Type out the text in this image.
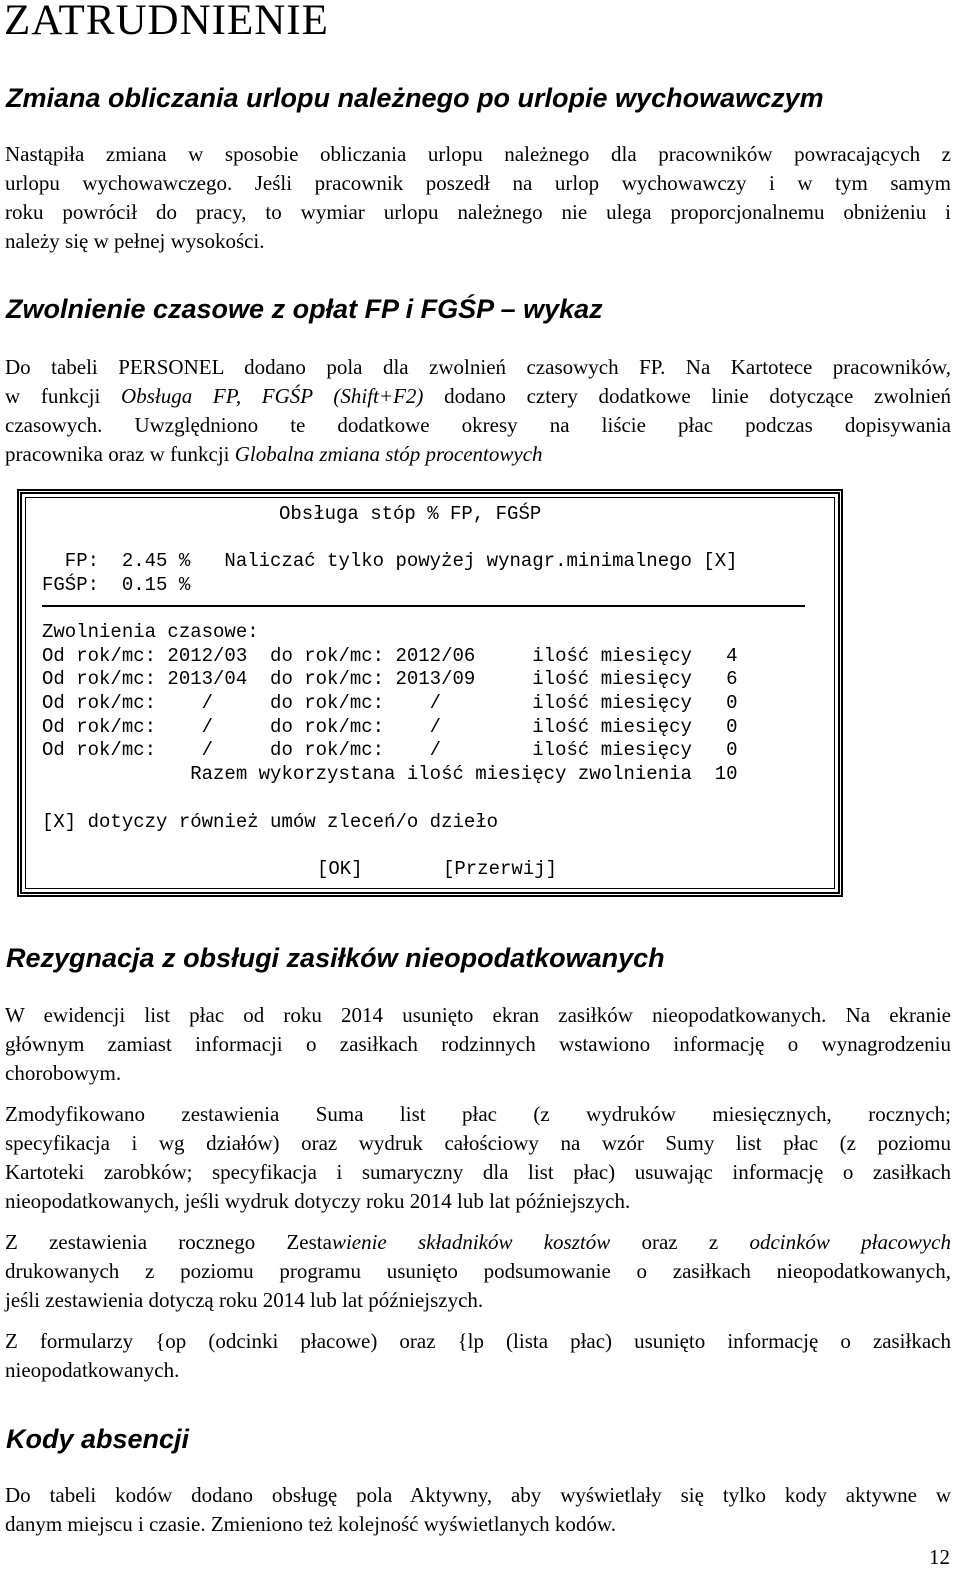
ZATRUDNIENIE
Zmiana obliczania urlopu należnego po urlopie wychowawczym
Nastąpiła zmiana w sposobie obliczania urlopu należnego dla pracowników powracających z
urlopu wychowawczego. Jeśli pracownik poszedł na urlop wychowawczy i w tym samym
roku powrócił do pracy, to wymiar urlopu należnego nie ulega proporcjonalnemu obniżeniu i
należy się w pełnej wysokości.
Zwolnienie czasowe z opłat FP i FGŚP – wykaz
Do tabeli PERSONEL dodano pola dla zwolnień czasowych FP. Na Kartotece pracowników,
w funkcji Obsługa FP, FGŚP (Shift+F2) dodano cztery dodatkowe linie dotyczące zwolnień
czasowych. Uwzględniono te dodatkowe okresy na liście płac podczas dopisywania
pracownika oraz w funkcji Globalna zmiana stóp procentowych
Obsługa stóp % FP, FGŚP
FP:  2.45 %   Naliczać tylko powyżej wynagr.minimalnego [X]
FGŚP:  0.15 %
Zwolnienia czasowe:
Od rok/mc: 2012/03  do rok/mc: 2012/06     ilość miesięcy   4
Od rok/mc: 2013/04  do rok/mc: 2013/09     ilość miesięcy   6
Od rok/mc:    /     do rok/mc:    /        ilość miesięcy   0
Od rok/mc:    /     do rok/mc:    /        ilość miesięcy   0
Od rok/mc:    /     do rok/mc:    /        ilość miesięcy   0
Razem wykorzystana ilość miesięcy zwolnienia  10
[X] dotyczy również umów zleceń/o dzieło
[OK]	[Przerwij]
Rezygnacja z obsługi zasiłków nieopodatkowanych
W ewidencji list płac od roku 2014 usunięto ekran zasiłków nieopodatkowanych. Na ekranie
głównym zamiast informacji o zasiłkach rodzinnych wstawiono informację o wynagrodzeniu
chorobowym.
Zmodyfikowano zestawienia Suma list płac (z wydruków miesięcznych, rocznych;
specyfikacja i wg działów) oraz wydruk całościowy na wzór Sumy list płac (z poziomu
Kartoteki zarobków; specyfikacja i sumaryczny dla list płac) usuwając informację o zasiłkach
nieopodatkowanych, jeśli wydruk dotyczy roku 2014 lub lat późniejszych.
Z zestawienia rocznego Zestawienie składników kosztów oraz z odcinków płacowych
drukowanych z poziomu programu usunięto podsumowanie o zasiłkach nieopodatkowanych,
jeśli zestawienia dotyczą roku 2014 lub lat późniejszych.
Z formularzy {op (odcinki płacowe) oraz {lp (lista płac) usunięto informację o zasiłkach
nieopodatkowanych.
Kody absencji
Do tabeli kodów dodano obsługę pola Aktywny, aby wyświetlały się tylko kody aktywne w
danym miejscu i czasie. Zmieniono też kolejność wyświetlanych kodów.
12
